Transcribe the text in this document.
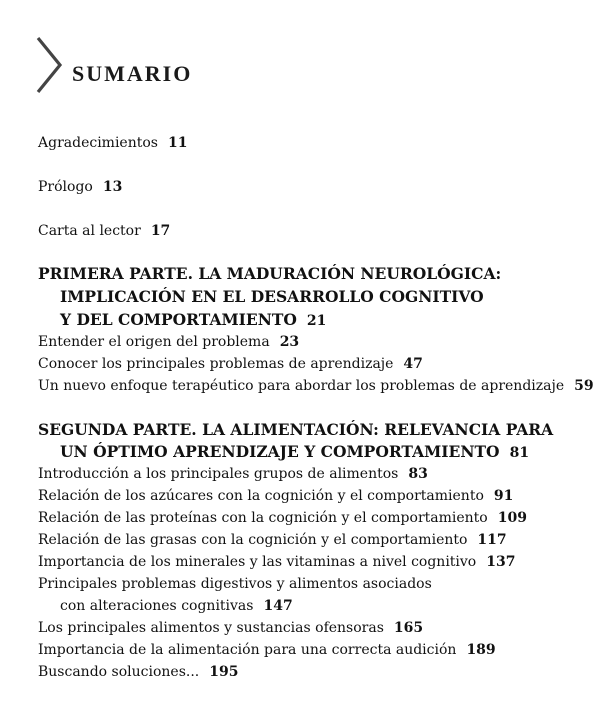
SUMARIO
Agradecimientos 11
Prólogo 13
Carta al lector 17
PRIMERA PARTE. LA MADURACIÓN NEUROLÓGICA:
IMPLICACIÓN EN EL DESARROLLO COGNITIVO
Y DEL COMPORTAMIENTO 21
Entender el origen del problema 23
Conocer los principales problemas de aprendizaje 47
Un nuevo enfoque terapéutico para abordar los problemas de aprendizaje 59
SEGUNDA PARTE. LA ALIMENTACIÓN: RELEVANCIA PARA
UN ÓPTIMO APRENDIZAJE Y COMPORTAMIENTO 81
Introducción a los principales grupos de alimentos 83
Relación de los azúcares con la cognición y el comportamiento 91
Relación de las proteínas con la cognición y el comportamiento 109
Relación de las grasas con la cognición y el comportamiento 117
Importancia de los minerales y las vitaminas a nivel cognitivo 137
Principales problemas digestivos y alimentos asociados
con alteraciones cognitivas 147
Los principales alimentos y sustancias ofensoras 165
Importancia de la alimentación para una correcta audición 189
Buscando soluciones... 195
